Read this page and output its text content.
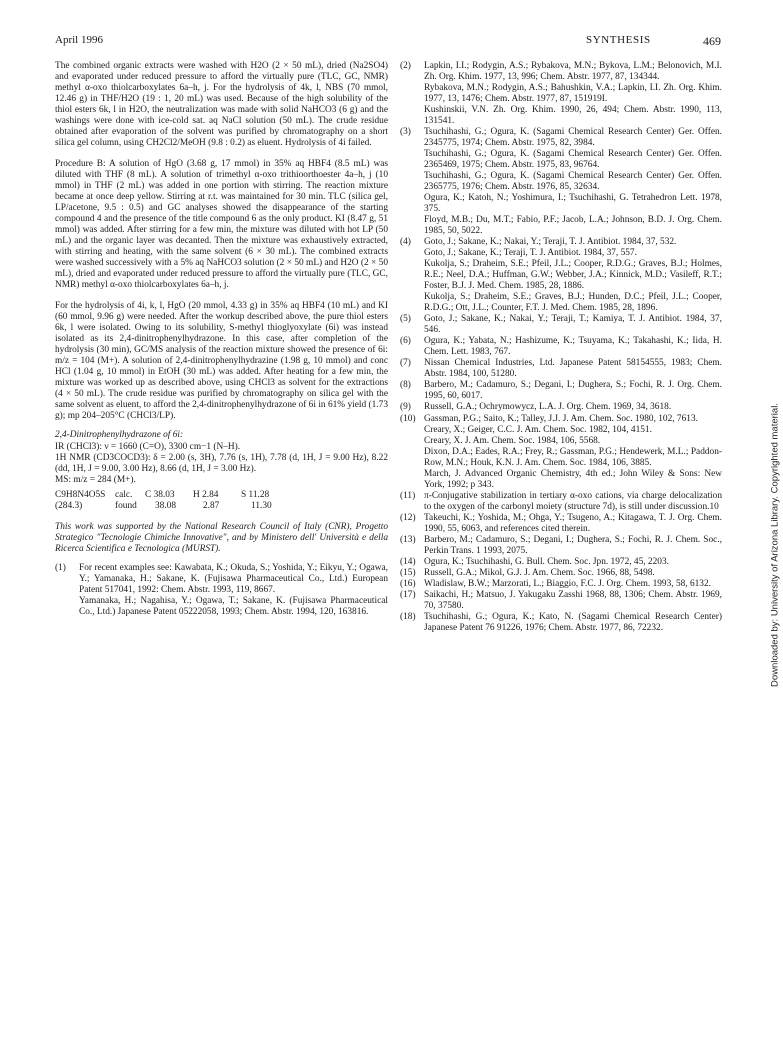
April 1996	SYNTHESIS	469

The combined organic extracts were washed with H2O (2 × 50 mL), dried (Na2SO4) and evaporated under reduced pressure to afford the virtually pure (TLC, GC, NMR) methyl α-oxo thiolcarboxylates 6a–h, j. For the hydrolysis of 4k, l, NBS (70 mmol, 12.46 g) in THF/H2O (19 : 1, 20 mL) was used. Because of the high solubility of the thiol esters 6k, l in H2O, the neutralization was made with solid NaHCO3 (6 g) and the washings were done with ice-cold sat. aq NaCl solution (50 mL). The crude residue obtained after evaporation of the solvent was purified by chromatography on a short silica gel column, using CH2Cl2/MeOH (9.8 : 0.2) as eluent. Hydrolysis of 4i failed.

Procedure B: A solution of HgO (3.68 g, 17 mmol) in 35% aq HBF4 (8.5 mL) was diluted with THF (8 mL). A solution of trimethyl α-oxo trithioorthoester 4a–h, j (10 mmol) in THF (2 mL) was added in one portion with stirring. The reaction mixture became at once deep yellow. Stirring at r.t. was maintained for 30 min. TLC (silica gel, LP/acetone, 9.5 : 0.5) and GC analyses showed the disappearance of the starting compound 4 and the presence of the title compound 6 as the only product. KI (8.47 g, 51 mmol) was added. After stirring for a few min, the mixture was diluted with hot LP (50 mL) and the organic layer was decanted. Then the mixture was exhaustively extracted, with stirring and heating, with the same solvent (6 × 30 mL). The combined extracts were washed successively with a 5% aq NaHCO3 solution (2 × 50 mL) and H2O (2 × 50 mL), dried and evaporated under reduced pressure to afford the virtually pure (TLC, GC, NMR) methyl α-oxo thiolcarboxylates 6a–h, j.

For the hydrolysis of 4i, k, l, HgO (20 mmol, 4.33 g) in 35% aq HBF4 (10 mL) and KI (60 mmol, 9.96 g) were needed. After the workup described above, the pure thiol esters 6k, l were isolated. Owing to its solubility, S-methyl thioglyoxylate (6i) was instead isolated as its 2,4-dinitrophenylhydrazone. In this case, after completion of the hydrolysis (30 min), GC/MS analysis of the reaction mixture showed the presence of 6i: m/z = 104 (M+). A solution of 2,4-dinitrophenylhydrazine (1.98 g, 10 mmol) and conc HCl (1.04 g, 10 mmol) in EtOH (30 mL) was added. After heating for a few min, the mixture was worked up as described above, using CHCl3 as solvent for the extractions (4 × 50 mL). The crude residue was purified by chromatography on silica gel with the same solvent as eluent, to afford the 2,4-dinitrophenylhydrazone of 6i in 61% yield (1.73 g); mp 204–205°C (CHCl3/LP).

2,4-Dinitrophenylhydrazone of 6i:
IR (CHCl3): ν = 1660 (C=O), 3300 cm−1 (N–H).
1H NMR (CD3COCD3): δ = 2.00 (s, 3H), 7.76 (s, 1H), 7.78 (d, 1H, J = 9.00 Hz), 8.22 (dd, 1H, J = 9.00, 3.00 Hz), 8.66 (d, 1H, J = 3.00 Hz).
MS: m/z = 284 (M+).
C9H8N4O5S	calc.	C 38.03	H 2.84	S 11.28
(284.3)	found	38.08	2.87	11.30
This work was supported by the National Research Council of Italy (CNR), Progetto Strategico "Tecnologie Chimiche Innovative", and by Ministero dell' Università e della Ricerca Scientifica e Tecnologica (MURST).
(1)	For recent examples see: Kawabata, K.; Okuda, S.; Yoshida, Y.; Eikyu, Y.; Ogawa, Y.; Yamanaka, H.; Sakane, K. (Fujisawa Pharmaceutical Co., Ltd.) European Patent 517041, 1992: Chem. Abstr. 1993, 119, 8667.
Yamanaka, H.; Nagahisa, Y.; Ogawa, T.; Sakane, K. (Fujisawa Pharmaceutical Co., Ltd.) Japanese Patent 05222058, 1993; Chem. Abstr. 1994, 120, 163816.
(2)	Lapkin, I.I.; Rodygin, A.S.; Rybakova, M.N.; Bykova, L.M.; Belonovich, M.I. Zh. Org. Khim. 1977, 13, 996; Chem. Abstr. 1977, 87, 134344.
Rybakova, M.N.; Rodygin, A.S.; Bahushkin, V.A.; Lapkin, I.I. Zh. Org. Khim. 1977, 13, 1476; Chem. Abstr. 1977, 87, 151919I.
Kushinskii, V.N. Zh. Org. Khim. 1990, 26, 494; Chem. Abstr. 1990, 113, 131541.
(3)	Tsuchihashi, G.; Ogura, K. (Sagami Chemical Research Center) Ger. Offen. 2345775, 1974; Chem. Abstr. 1975, 82, 3984.
Tsuchihashi, G.; Ogura, K. (Sagami Chemical Research Center) Ger. Offen. 2365469, 1975; Chem. Abstr. 1975, 83, 96764.
Tsuchihashi, G.; Ogura, K. (Sagami Chemical Research Center) Ger. Offen. 2365775, 1976; Chem. Abstr. 1976, 85, 32634.
Ogura, K.; Katoh, N.; Yoshimura, I.; Tsuchihashi, G. Tetrahedron Lett. 1978, 375.
Floyd, M.B.; Du, M.T.; Fabio, P.F.; Jacob, L.A.; Johnson, B.D. J. Org. Chem. 1985, 50, 5022.
(4)	Goto, J.; Sakane, K.; Nakai, Y.; Teraji, T. J. Antibiot. 1984, 37, 532.
Goto, J.; Sakane, K.; Teraji, T. J. Antibiot. 1984, 37, 557.
Kukolja, S.; Draheim, S.E.; Pfeil, J.L.; Cooper, R.D.G.; Graves, B.J.; Holmes, R.E.; Neel, D.A.; Huffman, G.W.; Webber, J.A.; Kinnick, M.D.; Vasileff, R.T.; Foster, B.J. J. Med. Chem. 1985, 28, 1886.
Kukolja, S.; Draheim, S.E.; Graves, B.J.; Hunden, D.C.; Pfeil, J.L.; Cooper, R.D.G.; Ott, J.L.; Counter, F.T. J. Med. Chem. 1985, 28, 1896.
(5)	Goto, J.; Sakane, K.; Nakai, Y.; Teraji, T.; Kamiya, T. J. Antibiot. 1984, 37, 546.
(6)	Ogura, K.; Yabata, N.; Hashizume, K.; Tsuyama, K.; Takahashi, K.; Iida, H. Chem. Lett. 1983, 767.
(7)	Nissan Chemical Industries, Ltd. Japanese Patent 58154555, 1983; Chem. Abstr. 1984, 100, 51280.
(8)	Barbero, M.; Cadamuro, S.; Degani, I.; Dughera, S.; Fochi, R. J. Org. Chem. 1995, 60, 6017.
(9)	Russell, G.A.; Ochrymowycz, L.A. J. Org. Chem. 1969, 34, 3618.
(10) Gassman, P.G.; Saito, K.; Talley, J.J. J. Am. Chem. Soc. 1980, 102, 7613.
Creary, X.; Geiger, C.C. J. Am. Chem. Soc. 1982, 104, 4151.
Creary, X. J. Am. Chem. Soc. 1984, 106, 5568.
Dixon, D.A.; Eades, R.A.; Frey, R.; Gassman, P.G.; Hendewerk, M.L.; Paddon-Row, M.N.; Houk, K.N. J. Am. Chem. Soc. 1984, 106, 3885.
March, J. Advanced Organic Chemistry, 4th ed.; John Wiley & Sons: New York, 1992; p 343.
(11) π-Conjugative stabilization in tertiary α-oxo cations, via charge delocalization to the oxygen of the carbonyl moiety (structure 7d), is still under discussion.10
(12) Takeuchi, K.; Yoshida, M.; Ohga, Y.; Tsugeno, A.; Kitagawa, T. J. Org. Chem. 1990, 55, 6063, and references cited therein.
(13) Barbero, M.; Cadamuro, S.; Degani, I.; Dughera, S.; Fochi, R. J. Chem. Soc., Perkin Trans. 1 1993, 2075.
(14) Ogura, K.; Tsuchihashi, G. Bull. Chem. Soc. Jpn. 1972, 45, 2203.
(15) Russell, G.A.; Mikol, G.J. J. Am. Chem. Soc. 1966, 88, 5498.
(16) Wladislaw, B.W.; Marzorati, L.; Biaggio, F.C. J. Org. Chem. 1993, 58, 6132.
(17) Saikachi, H.; Matsuo, J. Yakugaku Zasshi 1968, 88, 1306; Chem. Abstr. 1969, 70, 37580.
(18) Tsuchihashi, G.; Ogura, K.; Kato, N. (Sagami Chemical Research Center) Japanese Patent 76 91226, 1976; Chem. Abstr. 1977, 86, 72232.	Downloaded by: University of Arizona Library. Copyrighted material.
